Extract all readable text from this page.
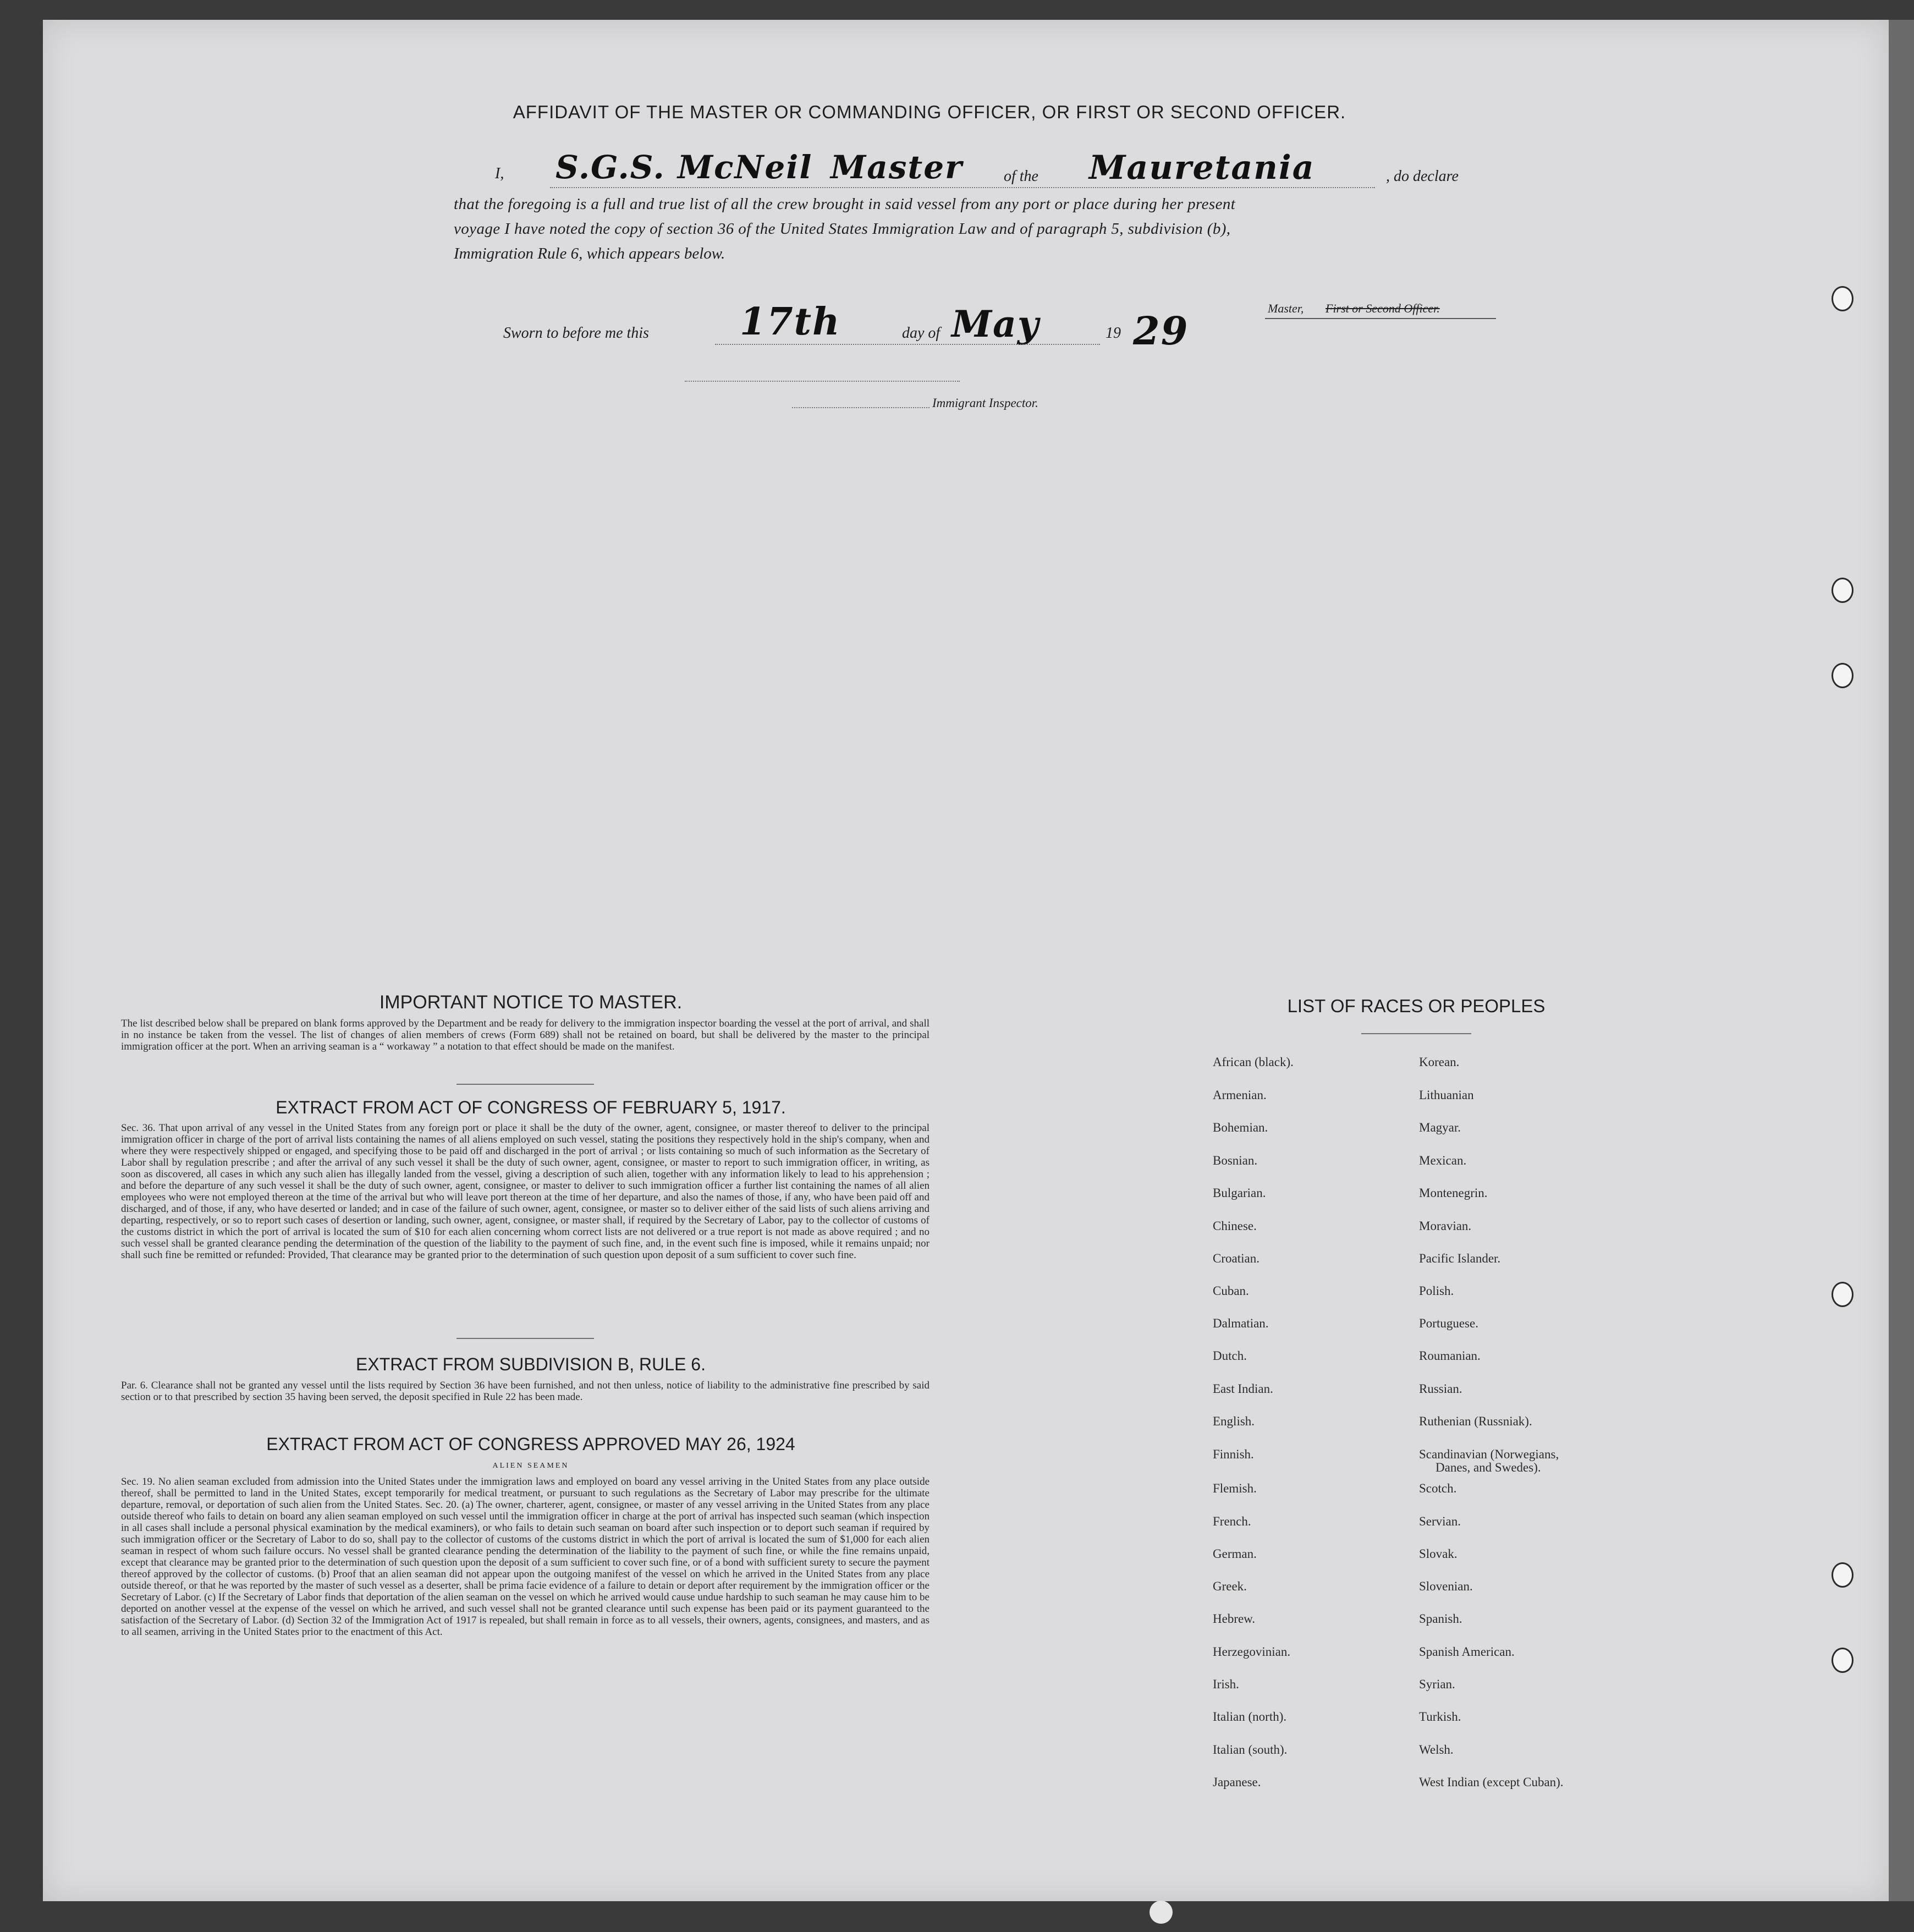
AFFIDAVIT OF THE MASTER OR COMMANDING OFFICER, OR FIRST OR SECOND OFFICER.
I, S.G.S. McNeil Master	of the Mauretania	, do declare
that the foregoing is a full and true list of all the crew brought in said vessel from any port or place during her present
voyage I have noted the copy of section 36 of the United States Immigration Law and of paragraph 5, subdivision (b),
Immigration Rule 6, which appears below.
Master, First or Second Officer.
Sworn to before me this 17th	day of May	19 29
Immigrant Inspector.
IMPORTANT NOTICE TO MASTER.
The list described below shall be prepared on blank forms approved by the Department and be ready for delivery to the immigration inspector boarding the vessel at the port of arrival, and shall in no instance be taken from the vessel. The list of changes of alien members of crews (Form 689) shall not be retained on board, but shall be delivered by the master to the principal immigration officer at the port. When an arriving seaman is a “ workaway ” a notation to that effect should be made on the manifest.
EXTRACT FROM ACT OF CONGRESS OF FEBRUARY 5, 1917.
Sec. 36. That upon arrival of any vessel in the United States from any foreign port or place it shall be the duty of the owner, agent, consignee, or master thereof to deliver to the principal immigration officer in charge of the port of arrival lists containing the names of all aliens employed on such vessel, stating the positions they respectively hold in the ship's company, when and where they were respectively shipped or engaged, and specifying those to be paid off and discharged in the port of arrival ; or lists containing so much of such information as the Secretary of Labor shall by regulation prescribe ; and after the arrival of any such vessel it shall be the duty of such owner, agent, consignee, or master to report to such immigration officer, in writing, as soon as discovered, all cases in which any such alien has illegally landed from the vessel, giving a description of such alien, together with any information likely to lead to his apprehension ; and before the departure of any such vessel it shall be the duty of such owner, agent, consignee, or master to deliver to such immigration officer a further list containing the names of all alien employees who were not employed thereon at the time of the arrival but who will leave port thereon at the time of her departure, and also the names of those, if any, who have been paid off and discharged, and of those, if any, who have deserted or landed; and in case of the failure of such owner, agent, consignee, or master so to deliver either of the said lists of such aliens arriving and departing, respectively, or so to report such cases of desertion or landing, such owner, agent, consignee, or master shall, if required by the Secretary of Labor, pay to the collector of customs of the customs district in which the port of arrival is located the sum of $10 for each alien concerning whom correct lists are not delivered or a true report is not made as above required ; and no such vessel shall be granted clearance pending the determination of the question of the liability to the payment of such fine, and, in the event such fine is imposed, while it remains unpaid; nor shall such fine be remitted or refunded: Provided, That clearance may be granted prior to the determination of such question upon deposit of a sum sufficient to cover such fine.
EXTRACT FROM SUBDIVISION B, RULE 6.
Par. 6. Clearance shall not be granted any vessel until the lists required by Section 36 have been furnished, and not then unless, notice of liability to the administrative fine prescribed by said section or to that prescribed by section 35 having been served, the deposit specified in Rule 22 has been made.
EXTRACT FROM ACT OF CONGRESS APPROVED MAY 26, 1924
ALIEN SEAMEN
Sec. 19. No alien seaman excluded from admission into the United States under the immigration laws and employed on board any vessel arriving in the United States from any place outside thereof, shall be permitted to land in the United States, except temporarily for medical treatment, or pursuant to such regulations as the Secretary of Labor may prescribe for the ultimate departure, removal, or deportation of such alien from the United States. Sec. 20. (a) The owner, charterer, agent, consignee, or master of any vessel arriving in the United States from any place outside thereof who fails to detain on board any alien seaman employed on such vessel until the immigration officer in charge at the port of arrival has inspected such seaman (which inspection in all cases shall include a personal physical examination by the medical examiners), or who fails to detain such seaman on board after such inspection or to deport such seaman if required by such immigration officer or the Secretary of Labor to do so, shall pay to the collector of customs of the customs district in which the port of arrival is located the sum of $1,000 for each alien seaman in respect of whom such failure occurs. No vessel shall be granted clearance pending the determination of the liability to the payment of such fine, or while the fine remains unpaid, except that clearance may be granted prior to the determination of such question upon the deposit of a sum sufficient to cover such fine, or of a bond with sufficient surety to secure the payment thereof approved by the collector of customs. (b) Proof that an alien seaman did not appear upon the outgoing manifest of the vessel on which he arrived in the United States from any place outside thereof, or that he was reported by the master of such vessel as a deserter, shall be prima facie evidence of a failure to detain or deport after requirement by the immigration officer or the Secretary of Labor. (c) If the Secretary of Labor finds that deportation of the alien seaman on the vessel on which he arrived would cause undue hardship to such seaman he may cause him to be deported on another vessel at the expense of the vessel on which he arrived, and such vessel shall not be granted clearance until such expense has been paid or its payment guaranteed to the satisfaction of the Secretary of Labor. (d) Section 32 of the Immigration Act of 1917 is repealed, but shall remain in force as to all vessels, their owners, agents, consignees, and masters, and as to all seamen, arriving in the United States prior to the enactment of this Act.
LIST OF RACES OR PEOPLES
African (black).
Armenian.
Bohemian.
Bosnian.
Bulgarian.
Chinese.
Croatian.
Cuban.
Dalmatian.
Dutch.
East Indian.
English.
Finnish.
Flemish.
French.
German.
Greek.
Hebrew.
Herzegovinian.
Irish.
Italian (north).
Italian (south).
Japanese.
Korean.
Lithuanian
Magyar.
Mexican.
Montenegrin.
Moravian.
Pacific Islander.
Polish.
Portuguese.
Roumanian.
Russian.
Ruthenian (Russniak).
Scandinavian (Norwegians,
Danes, and Swedes).
Scotch.
Servian.
Slovak.
Slovenian.
Spanish.
Spanish American.
Syrian.
Turkish.
Welsh.
West Indian (except Cuban).
